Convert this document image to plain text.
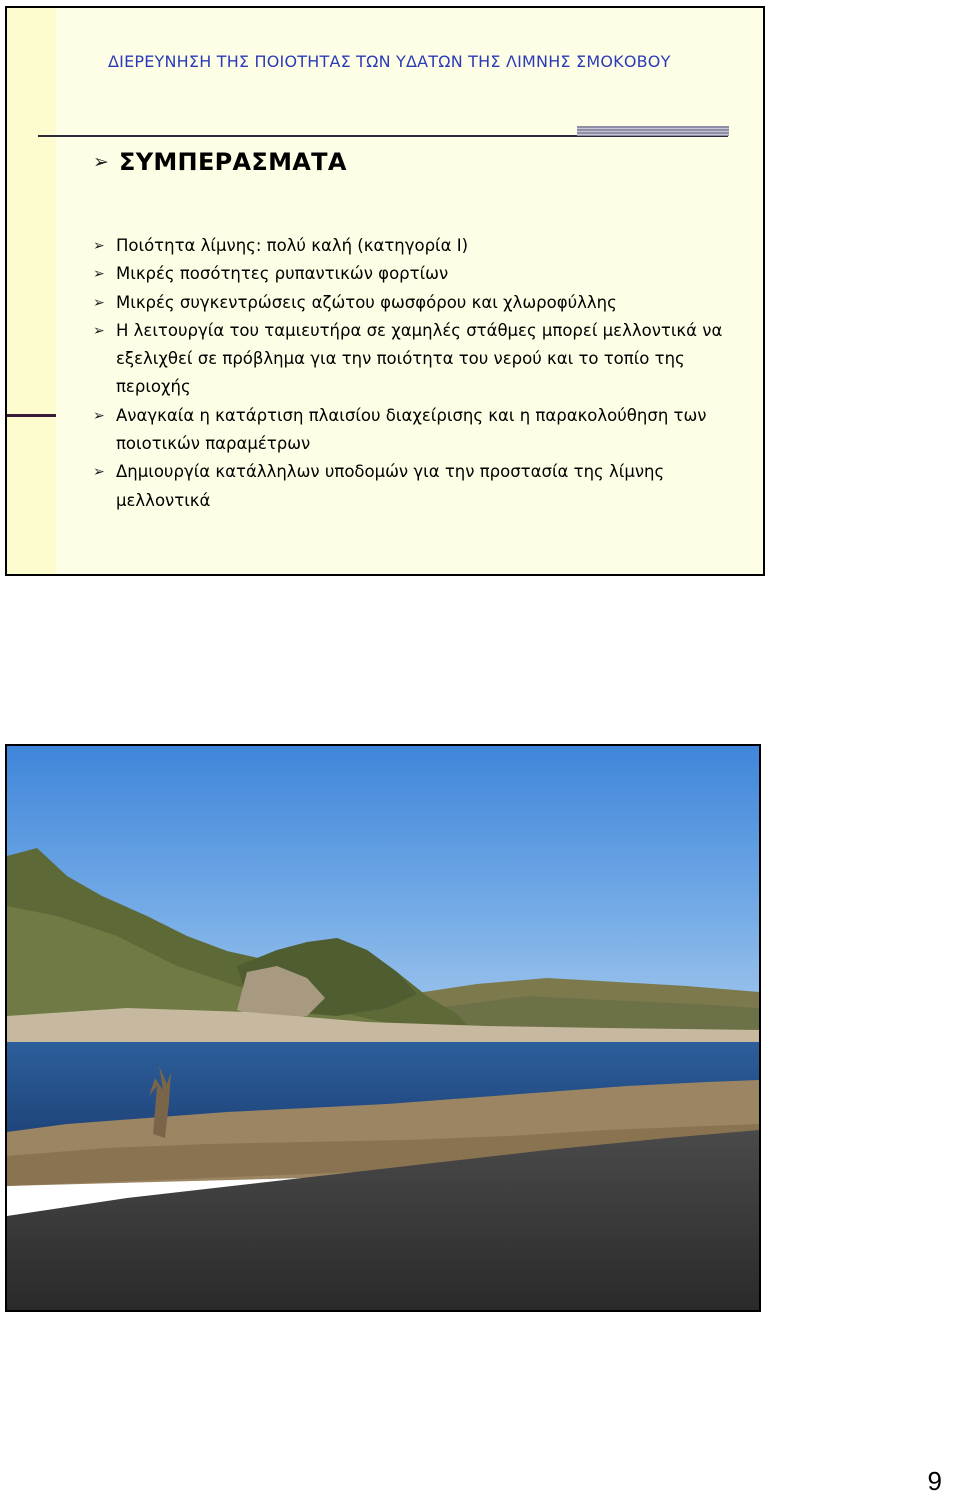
ΔΙΕΡΕΥΝΗΣΗ ΤΗΣ ΠΟΙΟΤΗΤΑΣ ΤΩΝ ΥΔΑΤΩΝ ΤΗΣ ΛΙΜΝΗΣ ΣΜΟΚΟΒΟΥ
➢ ΣΥΜΠΕΡΑΣΜΑΤΑ
➢ Ποιότητα λίμνης: πολύ καλή (κατηγορία Ι)
➢ Μικρές ποσότητες ρυπαντικών φορτίων
➢ Μικρές συγκεντρώσεις αζώτου φωσφόρου και χλωροφύλλης
➢ Η λειτουργία του ταμιευτήρα σε χαμηλές στάθμες μπορεί μελλοντικά να εξελιχθεί σε πρόβλημα για την ποιότητα του νερού και το τοπίο της περιοχής
➢ Αναγκαία η κατάρτιση πλαισίου διαχείρισης και η παρακολούθηση των ποιοτικών παραμέτρων
➢ Δημιουργία κατάλληλων υποδομών για την προστασία της λίμνης μελλοντικά
9
